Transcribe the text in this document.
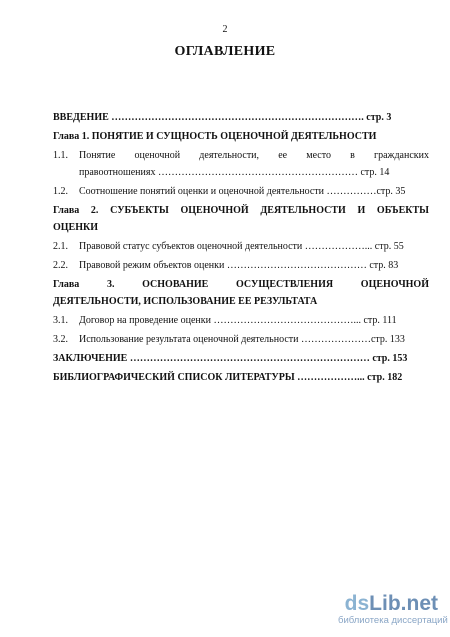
2
ОГЛАВЛЕНИЕ
ВВЕДЕНИЕ …………………………………………………………………. стр. 3
Глава 1. ПОНЯТИЕ И СУЩНОСТЬ ОЦЕНОЧНОЙ ДЕЯТЕЛЬНОСТИ
1.1.	Понятие оценочной деятельности, ее место в гражданских
правоотношениях …………………………………………………… стр. 14
1.2. Соотношение понятий оценки и оценочной деятельности ……………стр. 35
Глава 2. СУБЪЕКТЫ ОЦЕНОЧНОЙ ДЕЯТЕЛЬНОСТИ И ОБЪЕКТЫ
ОЦЕНКИ
2.1. Правовой статус субъектов оценочной деятельности ………………... стр. 55
2.2. Правовой режим объектов оценки …………………………………… стр. 83
Глава 3. ОСНОВАНИЕ ОСУЩЕСТВЛЕНИЯ ОЦЕНОЧНОЙ
ДЕЯТЕЛЬНОСТИ, ИСПОЛЬЗОВАНИЕ ЕЕ РЕЗУЛЬТАТА
3.1. Договор на проведение оценки ……………………………………... стр. 111
3.2. Использование результата оценочной деятельности …………………стр. 133
ЗАКЛЮЧЕНИЕ ……………………………………………………………… стр. 153
БИБЛИОГРАФИЧЕСКИЙ СПИСОК ЛИТЕРАТУРЫ ………………... стр. 182
dsLib.net
библиотека диссертаций
